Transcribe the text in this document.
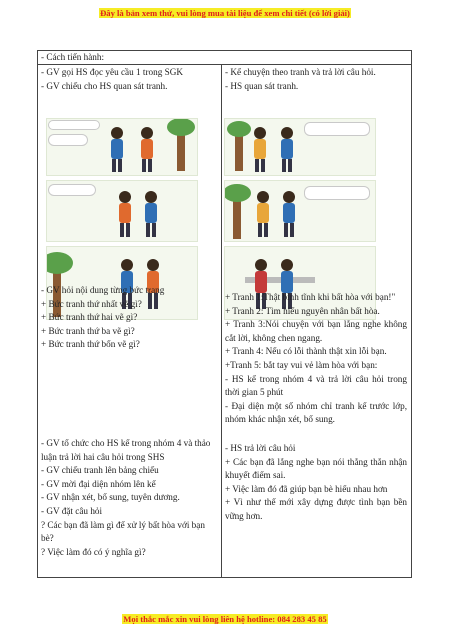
Đây là bản xem thử, vui lòng mua tài liệu để xem chi tiết (có lời giải)
- Cách tiến hành:

- GV gọi HS đọc yêu cầu 1 trong SGK

- GV chiếu cho HS quan sát tranh.

- GV hỏi nội dung từng bức trang

+ Bức tranh thứ nhất vẽ gì?

+ Bức tranh thứ hai vẽ gì?

+ Bức tranh thứ ba vẽ gì?

+ Bức tranh thứ bốn vẽ gì?

- GV tổ chức cho HS kể trong nhóm 4 và thảo luận trả lời hai câu hỏi trong SHS

- GV chiếu tranh lên bảng chiếu

- GV mời đại diện nhóm lên kể

- GV nhận xét, bổ sung, tuyên dương.

- GV đặt câu hỏi

? Các bạn đã làm gì để xử lý bất hòa với bạn bè?

? Việc làm đó có ý nghĩa gì?

- Kể chuyện theo tranh và trả lời câu hỏi.

- HS quan sát tranh.

+ Tranh 1:Thật bình tĩnh khi bất hòa với bạn!"

+ Tranh 2: Tìm hiểu nguyên nhân bất hòa.

+ Tranh 3:Nói chuyện với bạn lắng nghe không cắt lời, không chen ngang.

+ Tranh 4: Nếu có lỗi thành thật xin lỗi bạn.

+Tranh 5: bắt tay vui vẻ làm hòa với bạn:

- HS kể trong nhóm 4 và trả lời câu hỏi trong thời gian 5 phút

- Đại diện một số nhóm chỉ tranh kể trước lớp, nhóm khác nhận xét, bổ sung.

- HS trả lời câu hỏi

+ Các bạn đã lắng nghe bạn nói thẳng thắn nhận khuyết điểm sai.

+ Việc làm đó đã giúp bạn bè hiểu nhau hơn

+ Vì như thế mới xây dựng được tình bạn bền vững hơn.

Mọi thắc mắc xin vui lòng liên hệ hotline: 084 283 45 85
